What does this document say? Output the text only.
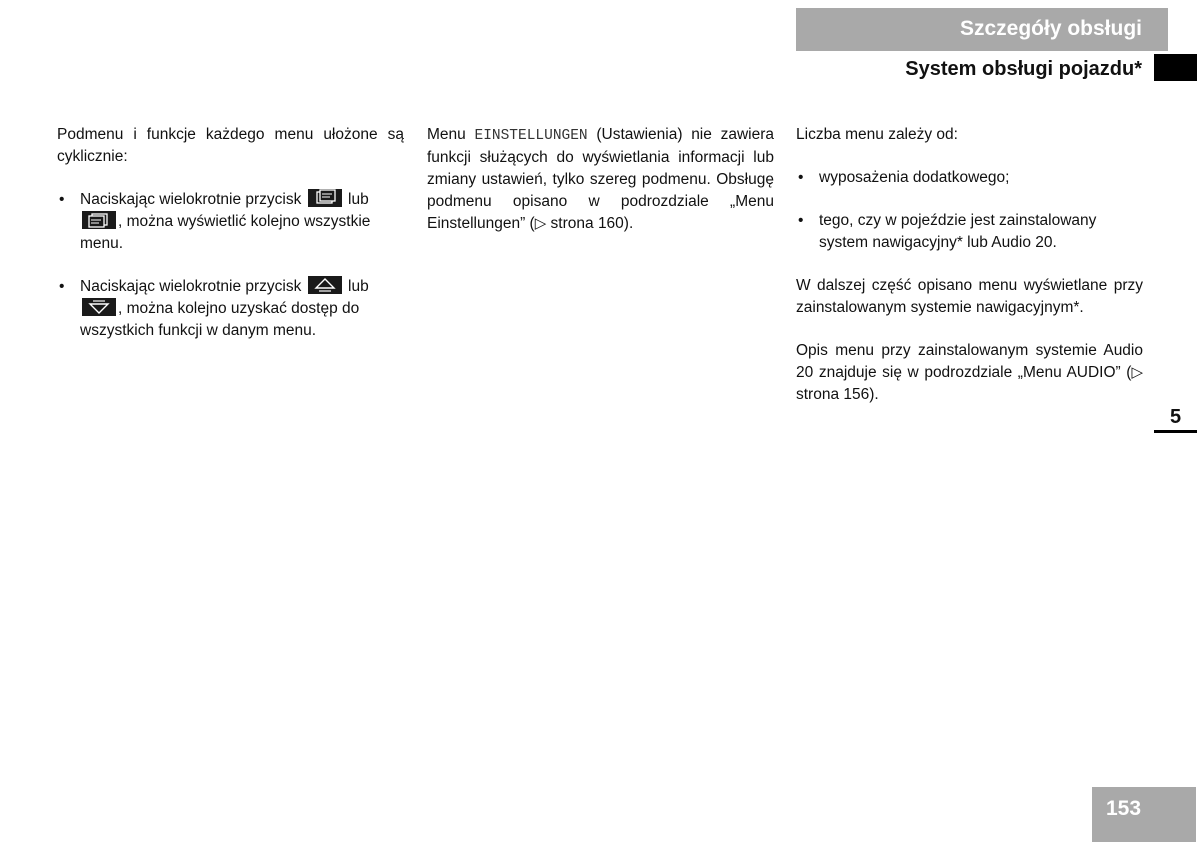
Szczegóły obsługi
System obsługi pojazdu*

Podmenu i funkcje każdego menu ułożone są cyklicznie:

• Naciskając wielokrotnie przycisk	lub
, można wyświetlić kolejno wszystkie menu.
• Naciskając wielokrotnie przycisk	lub
, można kolejno uzyskać dostęp do wszystkich funkcji w danym menu.

Menu EINSTELLUNGEN (Ustawienia) nie zawiera funkcji służących do wyświetlania informacji lub zmiany ustawień, tylko szereg podmenu. Obsługę podmenu opisano w podrozdziale „Menu Einstellungen” (▷ strona 160).

Liczba menu zależy od:

• wyposażenia dodatkowego;
• tego, czy w pojeździe jest zainstalowany system nawigacyjny* lub Audio 20.

W dalszej część opisano menu wyświetlane przy zainstalowanym systemie nawigacyjnym*.

Opis menu przy zainstalowanym systemie Audio 20 znajduje się w podrozdziale „Menu AUDIO” (▷ strona 156).

5
153
